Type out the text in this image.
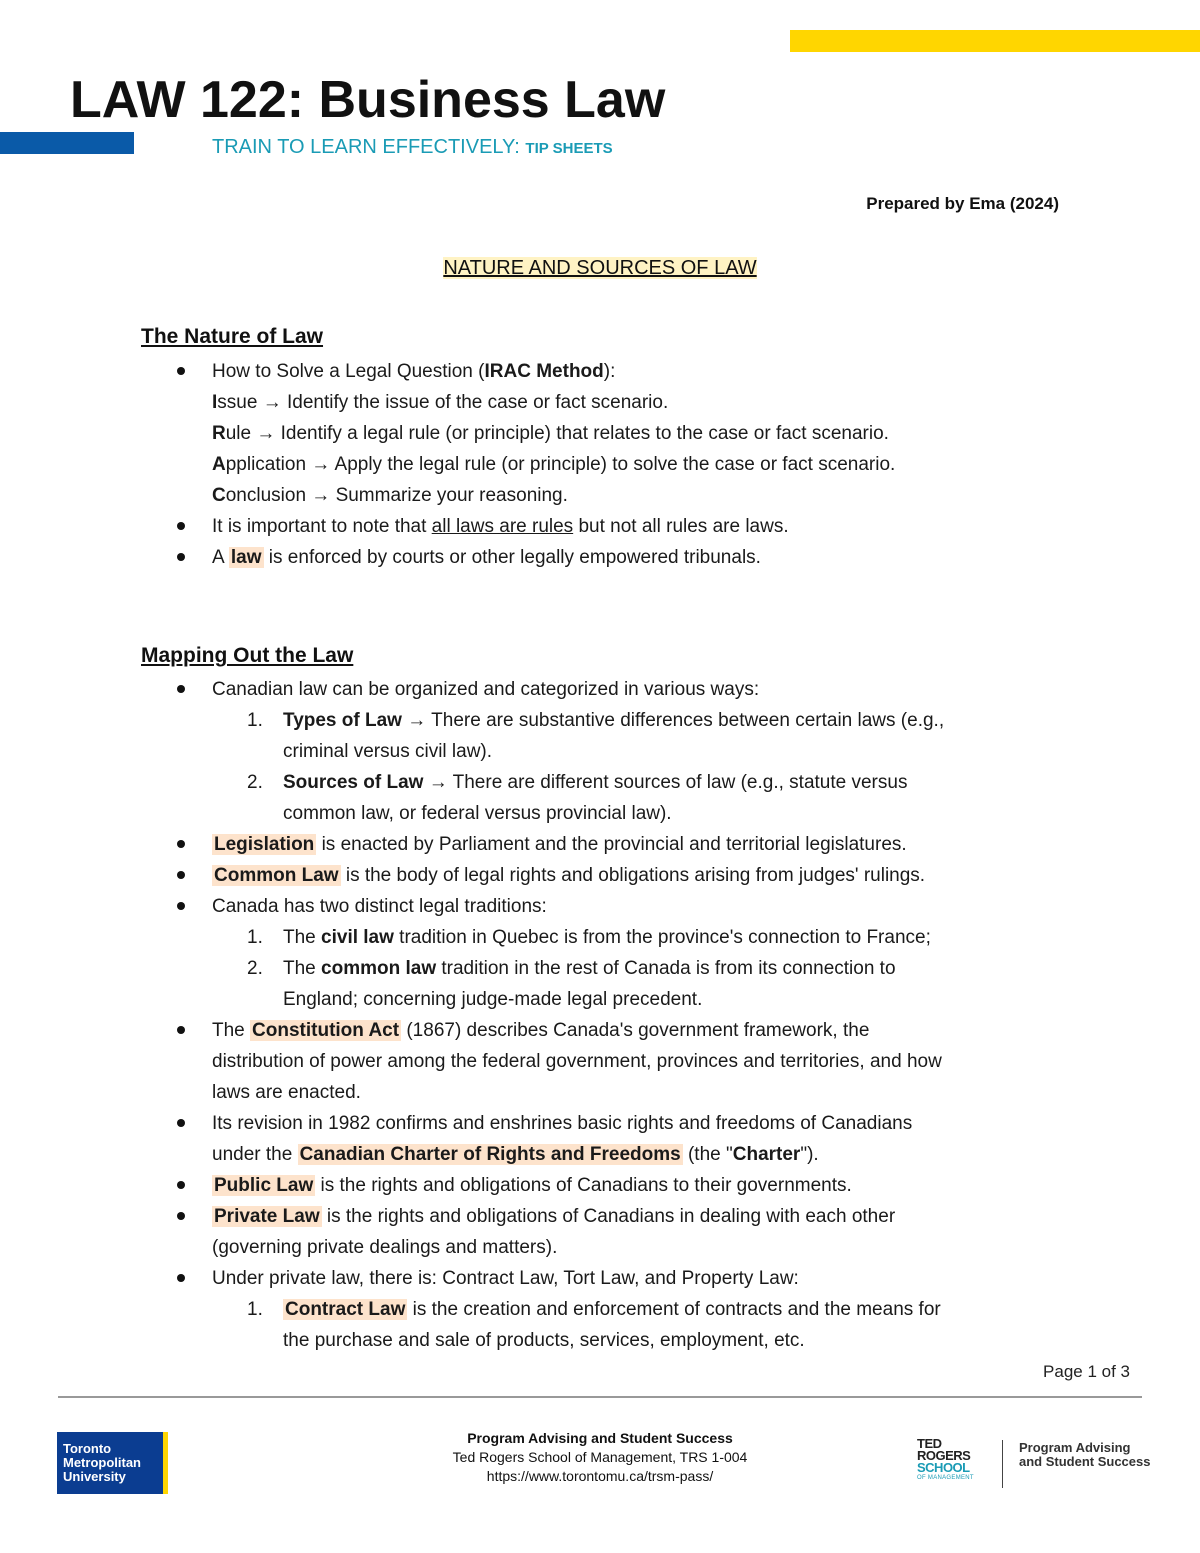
LAW 122: Business Law
TRAIN TO LEARN EFFECTIVELY: TIP SHEETS
Prepared by Ema (2024)
NATURE AND SOURCES OF LAW
The Nature of Law
How to Solve a Legal Question (IRAC Method):
Issue → Identify the issue of the case or fact scenario.
Rule → Identify a legal rule (or principle) that relates to the case or fact scenario.
Application → Apply the legal rule (or principle) to solve the case or fact scenario.
Conclusion → Summarize your reasoning.
It is important to note that all laws are rules but not all rules are laws.
A law is enforced by courts or other legally empowered tribunals.
Mapping Out the Law
Canadian law can be organized and categorized in various ways:
1. Types of Law → There are substantive differences between certain laws (e.g.,
criminal versus civil law).
2. Sources of Law → There are different sources of law (e.g., statute versus
common law, or federal versus provincial law).
Legislation is enacted by Parliament and the provincial and territorial legislatures.
Common Law is the body of legal rights and obligations arising from judges' rulings.
Canada has two distinct legal traditions:
1. The civil law tradition in Quebec is from the province's connection to France;
2. The common law tradition in the rest of Canada is from its connection to
England; concerning judge-made legal precedent.
The Constitution Act (1867) describes Canada's government framework, the
distribution of power among the federal government, provinces and territories, and how
laws are enacted.
Its revision in 1982 confirms and enshrines basic rights and freedoms of Canadians
under the Canadian Charter of Rights and Freedoms (the "Charter").
Public Law is the rights and obligations of Canadians to their governments.
Private Law is the rights and obligations of Canadians in dealing with each other
(governing private dealings and matters).
Under private law, there is: Contract Law, Tort Law, and Property Law:
1. Contract Law is the creation and enforcement of contracts and the means for
the purchase and sale of products, services, employment, etc.
Page 1 of 3
Toronto
Metropolitan
University
Program Advising and Student Success
Ted Rogers School of Management, TRS 1-004
https://www.torontomu.ca/trsm-pass/
TED
ROGERS
SCHOOL
OF MANAGEMENT
Program Advising
and Student Success
